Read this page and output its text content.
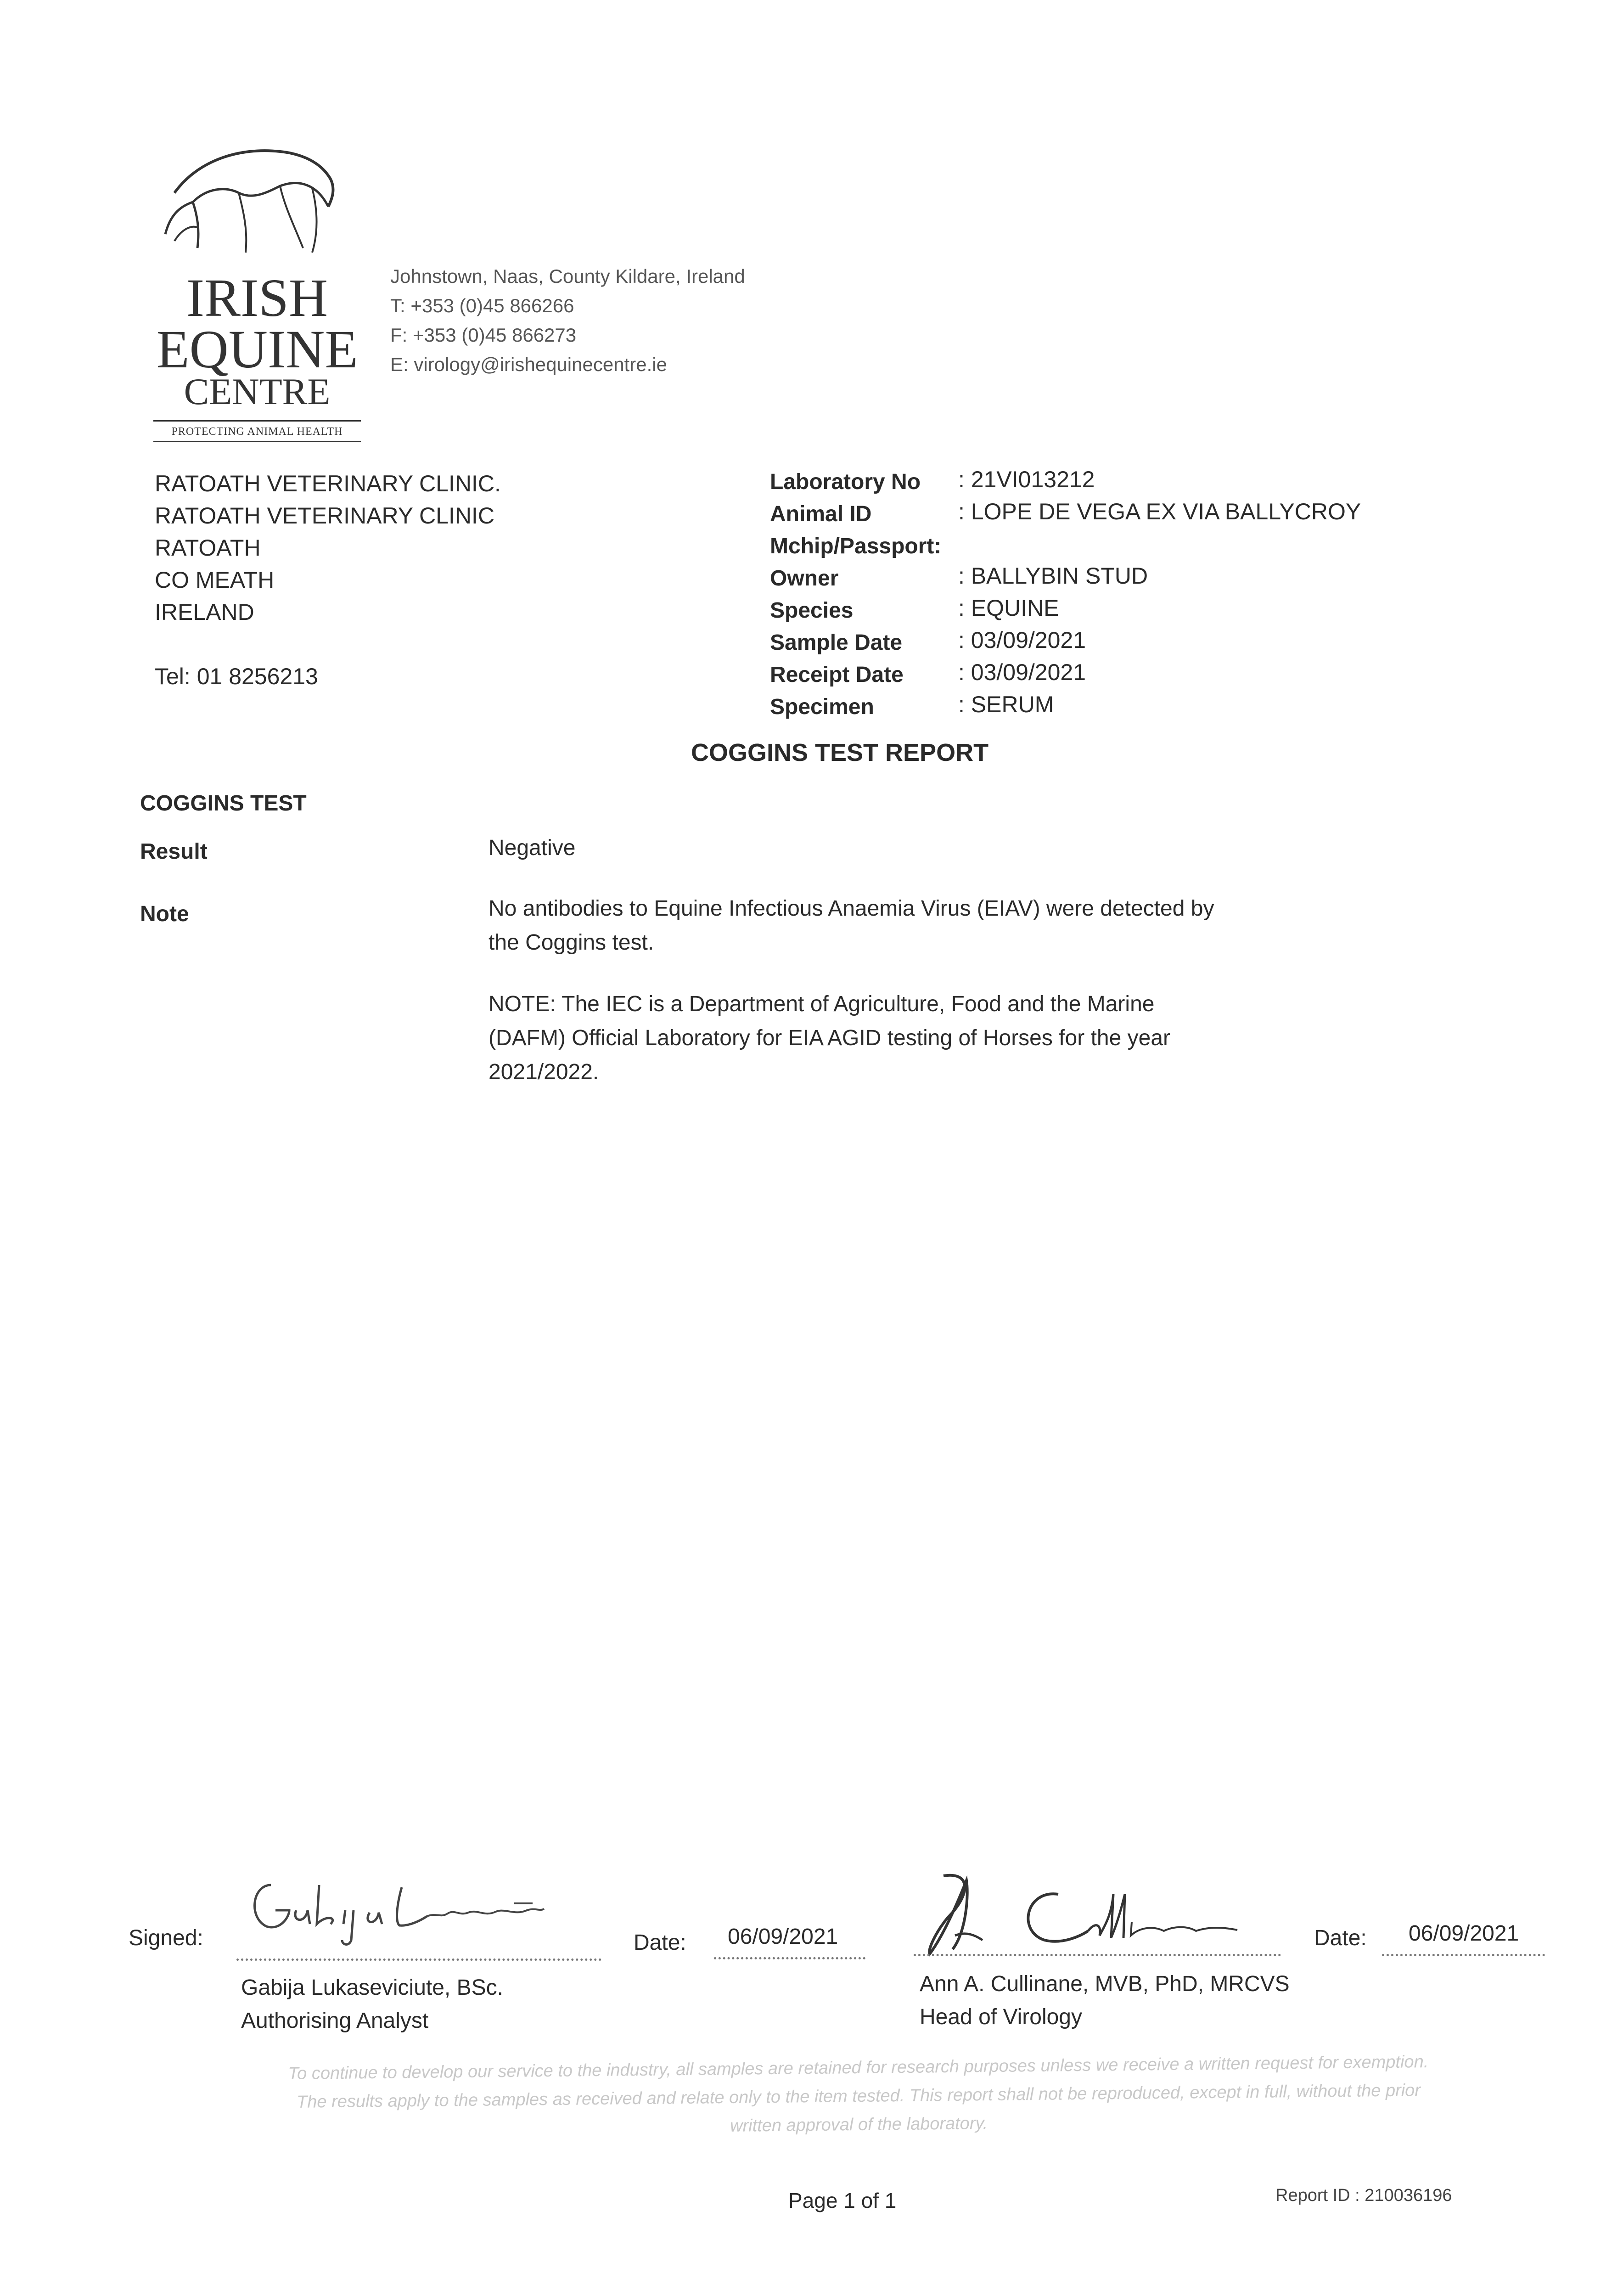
IRISH
EQUINE
CENTRE
PROTECTING ANIMAL HEALTH
Johnstown, Naas, County Kildare, Ireland
T: +353 (0)45 866266
F: +353 (0)45 866273
E: virology@irishequinecentre.ie
RATOATH VETERINARY CLINIC.
RATOATH VETERINARY CLINIC
RATOATH
CO MEATH
IRELAND
Tel: 01 8256213
Laboratory No : 21VI013212
Animal ID	: LOPE DE VEGA EX VIA BALLYCROY
Mchip/Passport:
Owner	: BALLYBIN STUD
Species	: EQUINE
Sample Date : 03/09/2021
Receipt Date : 03/09/2021
Specimen	: SERUM
COGGINS TEST REPORT
COGGINS TEST
Result	Negative
Note	No antibodies to Equine Infectious Anaemia Virus (EIAV) were detected by
the Coggins test.
NOTE: The IEC is a Department of Agriculture, Food and the Marine
(DAFM) Official Laboratory for EIA AGID testing of Horses for the year
2021/2022.
Signed:	Date: 06/09/2021
Gabija Lukaseviciute, BSc.
Authorising Analyst
Date: 06/09/2021
Ann A. Cullinane, MVB, PhD, MRCVS
Head of Virology
To continue to develop our service to the industry, all samples are retained for research purposes unless we receive a written request for exemption.
The results apply to the samples as received and relate only to the item tested. This report shall not be reproduced, except in full, without the prior
written approval of the laboratory.
Page 1 of 1	Report ID : 210036196
